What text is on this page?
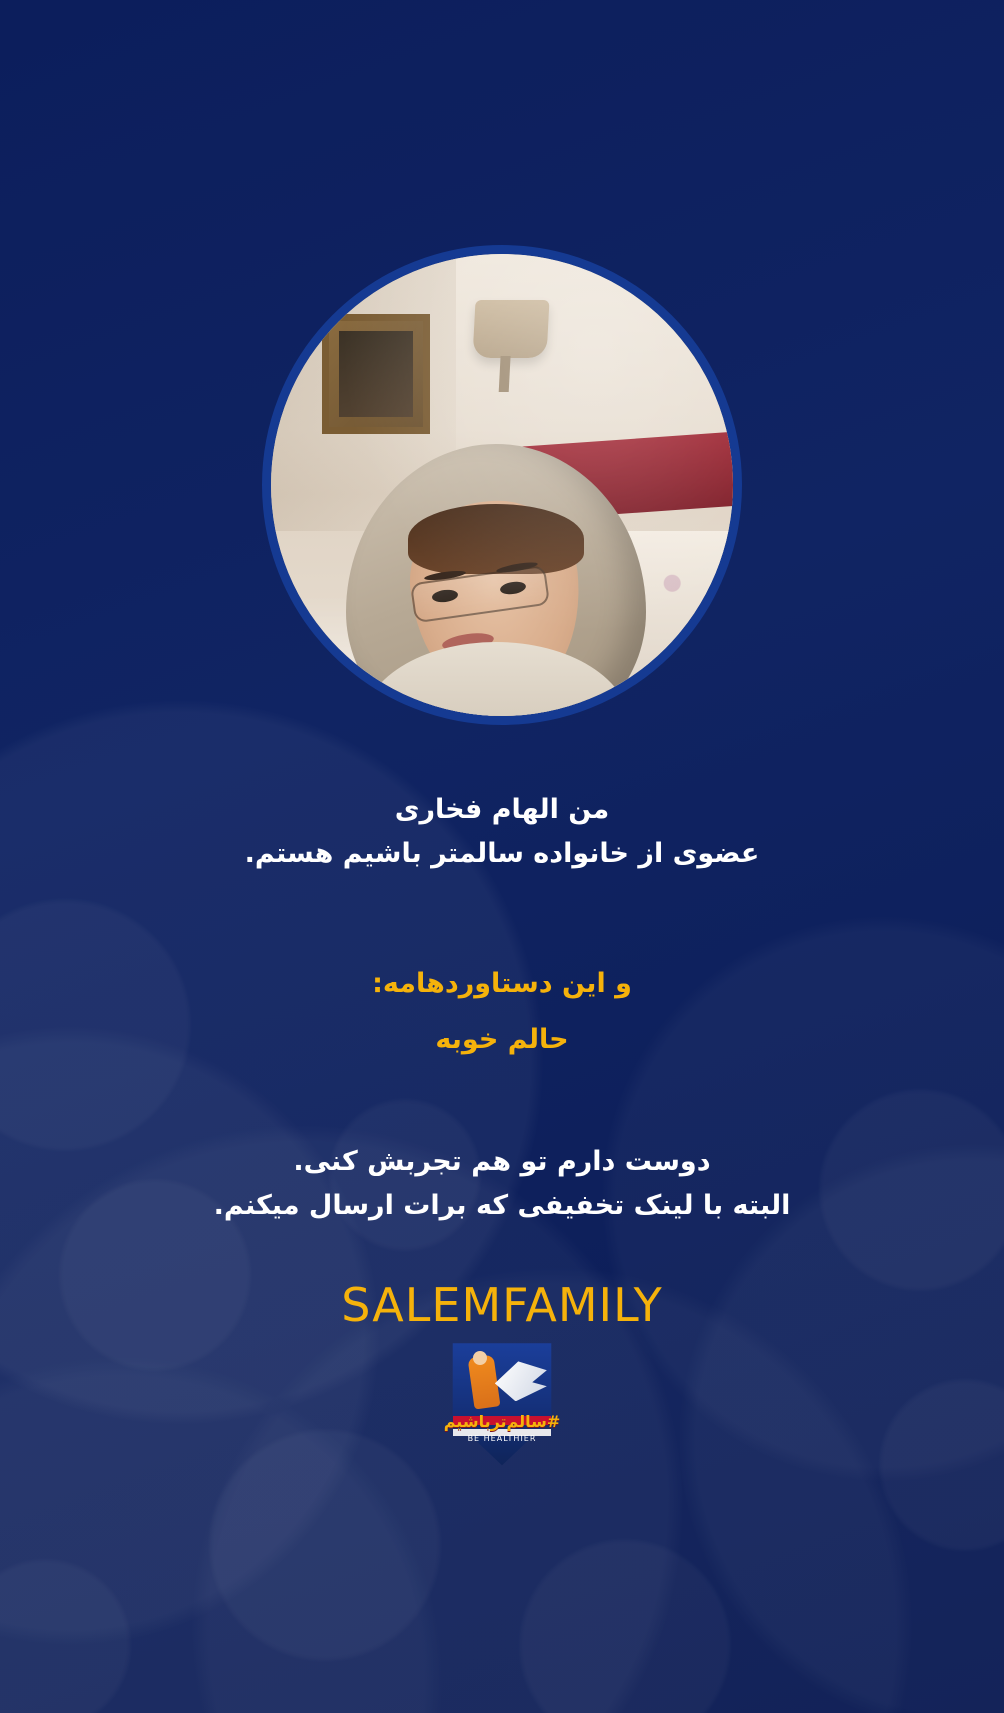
من الهام فخاری
عضوی از خانواده سالمتر باشیم هستم.
و این دستاوردهامه:
حالم خوبه
دوست دارم تو هم تجربش کنی.
البته با لینک تخفیفی که برات ارسال میکنم.
SALEMFAMILY
#سالم‌تر‌باشیم
BE HEALTHIER
